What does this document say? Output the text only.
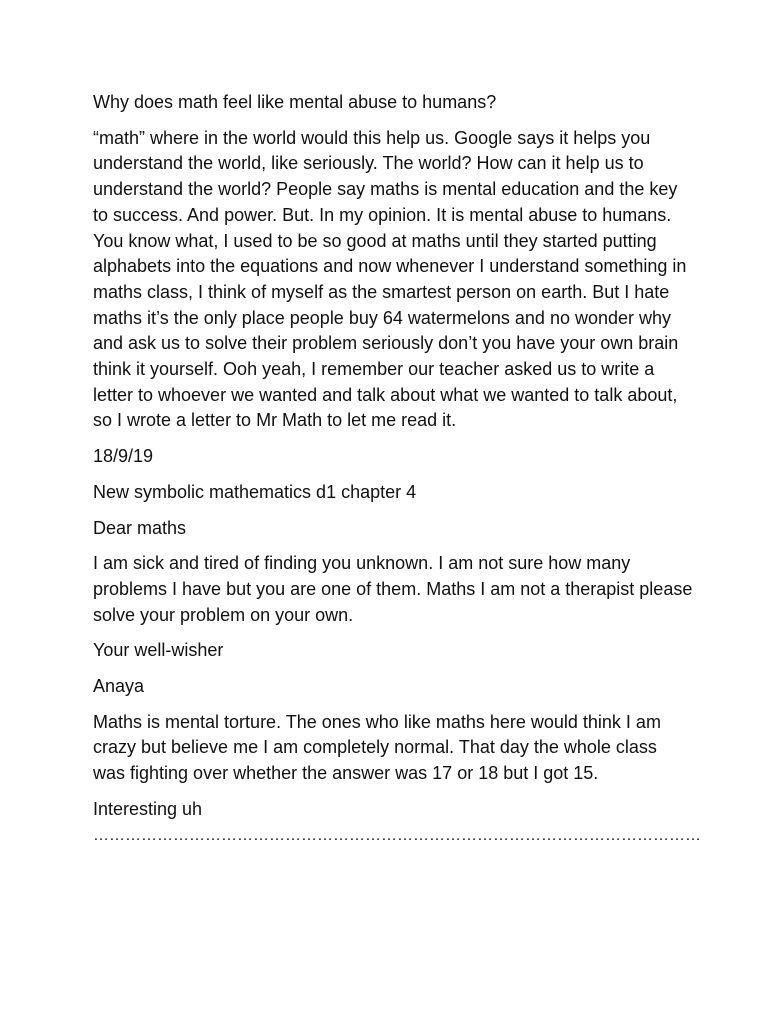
Why does math feel like mental abuse to humans?

“math” where in the world would this help us. Google says it helps you understand the world, like seriously. The world? How can it help us to understand the world? People say maths is mental education and the key to success. And power. But. In my opinion. It is mental abuse to humans. You know what, I used to be so good at maths until they started putting alphabets into the equations and now whenever I understand something in maths class, I think of myself as the smartest person on earth. But I hate maths it’s the only place people buy 64 watermelons and no wonder why and ask us to solve their problem seriously don’t you have your own brain think it yourself. Ooh yeah, I remember our teacher asked us to write a letter to whoever we wanted and talk about what we wanted to talk about, so I wrote a letter to Mr Math to let me read it.

18/9/19

New symbolic mathematics d1 chapter 4

Dear maths

I am sick and tired of finding you unknown. I am not sure how many problems I have but you are one of them. Maths I am not a therapist please solve your problem on your own.

Your well-wisher

Anaya

Maths is mental torture. The ones who like maths here would think I am crazy but believe me I am completely normal. That day the whole class was fighting over whether the answer was 17 or 18 but I got 15.

Interesting uh

……………………………………………………………………………………………………
